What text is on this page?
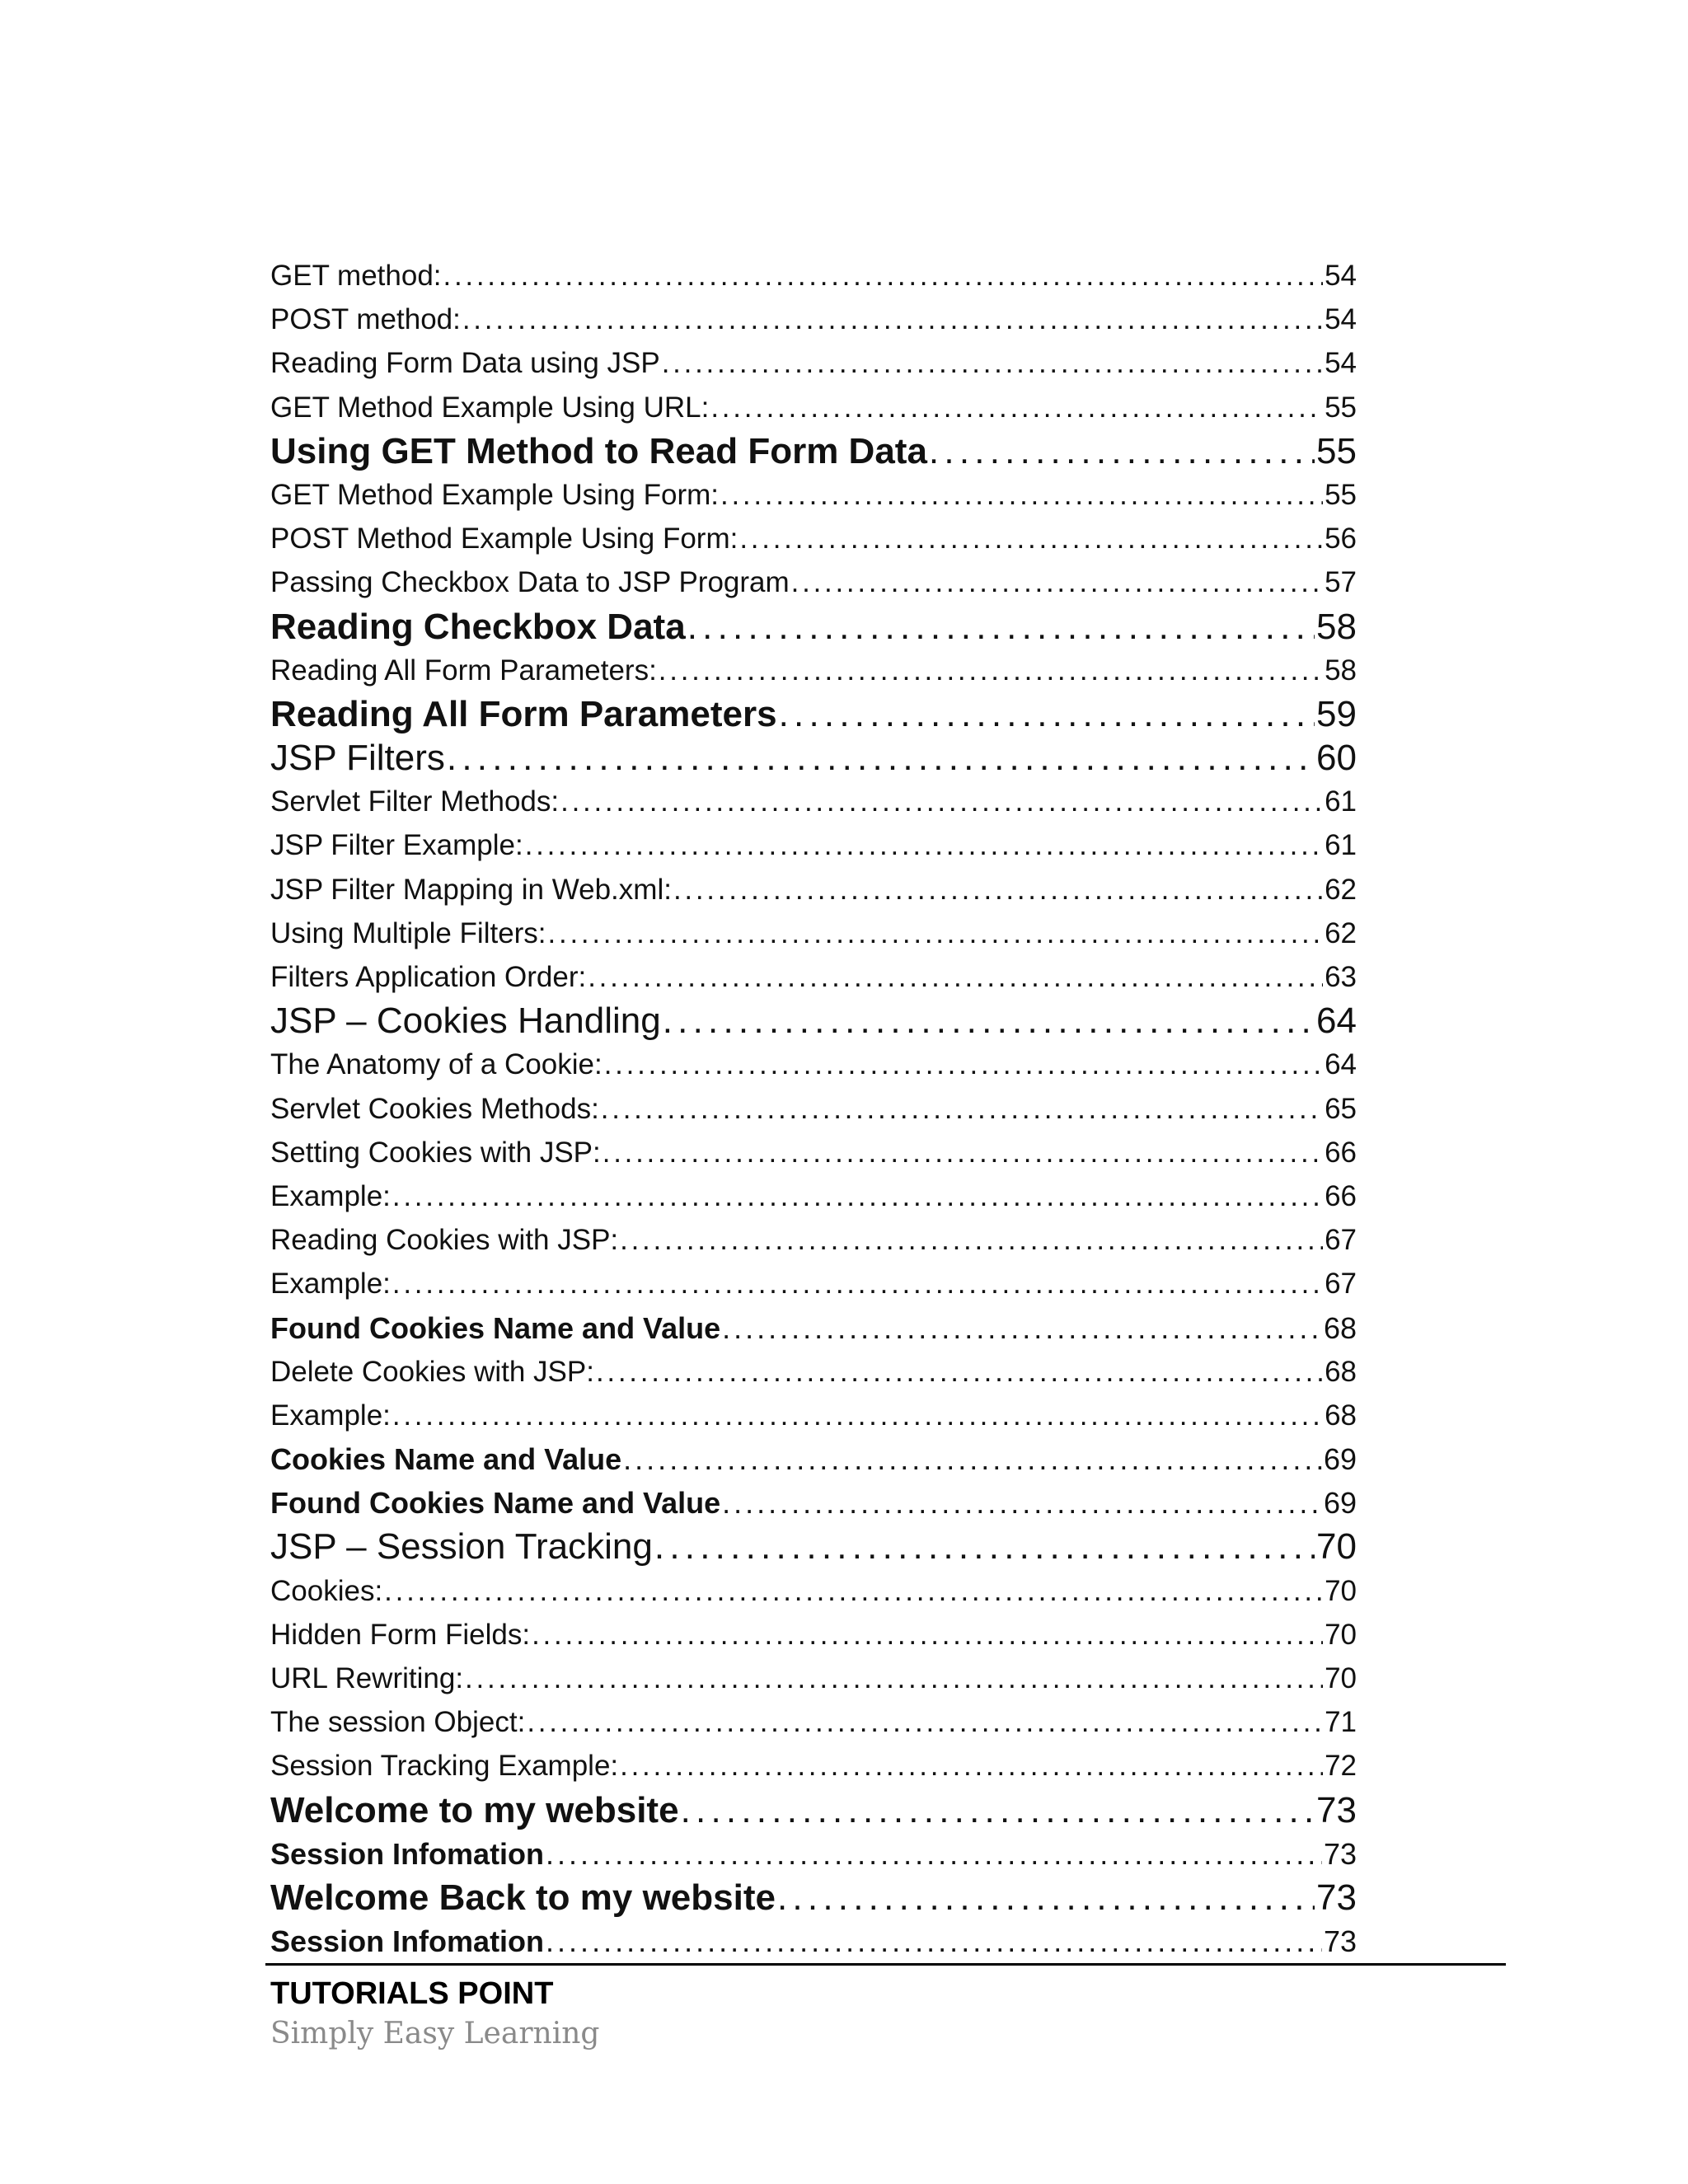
GET method: . . .	54
POST method: . . .	54
Reading Form Data using JSP . . .	54
GET Method Example Using URL: . . .	55
Using GET Method to Read Form Data . . .	55
GET Method Example Using Form: . . .	55
POST Method Example Using Form: . . .	56
Passing Checkbox Data to JSP Program . . .	57
Reading Checkbox Data . . .	58
Reading All Form Parameters: . . .	58
Reading All Form Parameters . . .	59
JSP Filters . . .	60
Servlet Filter Methods: . . .	61
JSP Filter Example: . . .	61
JSP Filter Mapping in Web.xml: . . .	62
Using Multiple Filters: . . .	62
Filters Application Order: . . .	63
JSP – Cookies Handling . . .	64
The Anatomy of a Cookie: . . .	64
Servlet Cookies Methods: . . .	65
Setting Cookies with JSP: . . .	66
Example: . . .	66
Reading Cookies with JSP: . . .	67
Example: . . .	67
Found Cookies Name and Value . . .	68
Delete Cookies with JSP: . . .	68
Example: . . .	68
Cookies Name and Value . . .	69
Found Cookies Name and Value . . .	69
JSP – Session Tracking . . .	70
Cookies: . . .	70
Hidden Form Fields: . . .	70
URL Rewriting: . . .	70
The session Object: . . .	71
Session Tracking Example: . . .	72
Welcome to my website . . .	73
Session Infomation . . .	73
Welcome Back to my website . . .	73
Session Infomation . . .	73
TUTORIALS POINT
Simply Easy Learning
